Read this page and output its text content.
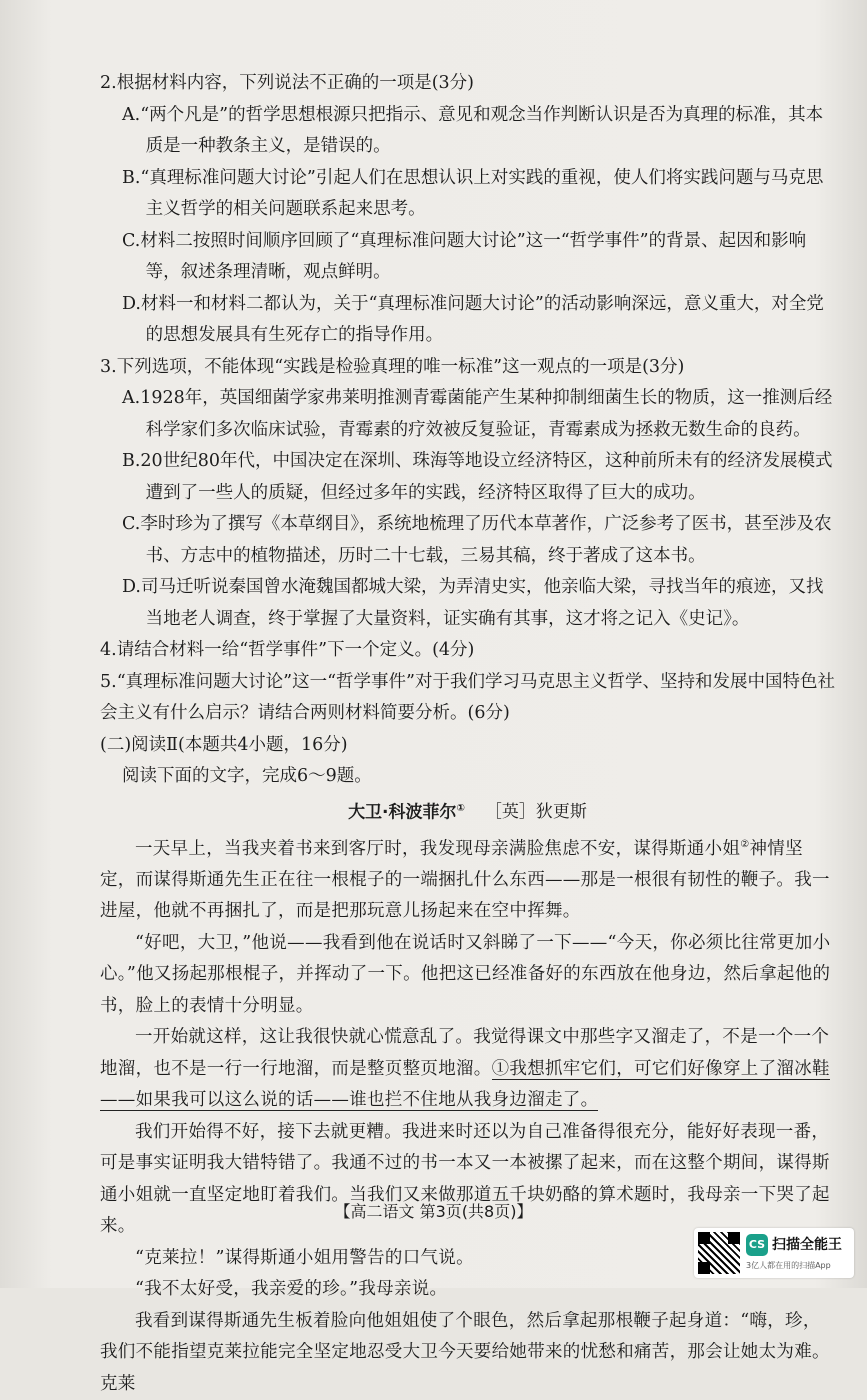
2.根据材料内容，下列说法不正确的一项是(3分)

A.“两个凡是”的哲学思想根源只把指示、意见和观念当作判断认识是否为真理的标准，其本质是一种教条主义，是错误的。

B.“真理标准问题大讨论”引起人们在思想认识上对实践的重视，使人们将实践问题与马克思主义哲学的相关问题联系起来思考。

C.材料二按照时间顺序回顾了“真理标准问题大讨论”这一“哲学事件”的背景、起因和影响等，叙述条理清晰，观点鲜明。

D.材料一和材料二都认为，关于“真理标准问题大讨论”的活动影响深远，意义重大，对全党的思想发展具有生死存亡的指导作用。

3.下列选项，不能体现“实践是检验真理的唯一标准”这一观点的一项是(3分)

A.1928年，英国细菌学家弗莱明推测青霉菌能产生某种抑制细菌生长的物质，这一推测后经科学家们多次临床试验，青霉素的疗效被反复验证，青霉素成为拯救无数生命的良药。

B.20世纪80年代，中国决定在深圳、珠海等地设立经济特区，这种前所未有的经济发展模式遭到了一些人的质疑，但经过多年的实践，经济特区取得了巨大的成功。

C.李时珍为了撰写《本草纲目》，系统地梳理了历代本草著作，广泛参考了医书，甚至涉及农书、方志中的植物描述，历时二十七载，三易其稿，终于著成了这本书。

D.司马迁听说秦国曾水淹魏国都城大梁，为弄清史实，他亲临大梁，寻找当年的痕迹，又找当地老人调查，终于掌握了大量资料，证实确有其事，这才将之记入《史记》。

4.请结合材料一给“哲学事件”下一个定义。(4分)

5.“真理标准问题大讨论”这一“哲学事件”对于我们学习马克思主义哲学、坚持和发展中国特色社会主义有什么启示？请结合两则材料简要分析。(6分)

(二)阅读Ⅱ(本题共4小题，16分)

阅读下面的文字，完成6～9题。

大卫·科波菲尔① ［英］狄更斯

一天早上，当我夹着书来到客厅时，我发现母亲满脸焦虑不安，谋得斯通小姐②神情坚定，而谋得斯通先生正在往一根棍子的一端捆扎什么东西——那是一根很有韧性的鞭子。我一进屋，他就不再捆扎了，而是把那玩意儿扬起来在空中挥舞。

“好吧，大卫，”他说——我看到他在说话时又斜睇了一下——“今天，你必须比往常更加小心。”他又扬起那根棍子，并挥动了一下。他把这已经准备好的东西放在他身边，然后拿起他的书，脸上的表情十分明显。

一开始就这样，这让我很快就心慌意乱了。我觉得课文中那些字又溜走了，不是一个一个地溜，也不是一行一行地溜，而是整页整页地溜。①我想抓牢它们，可它们好像穿上了溜冰鞋——如果我可以这么说的话——谁也拦不住地从我身边溜走了。

我们开始得不好，接下去就更糟。我进来时还以为自己准备得很充分，能好好表现一番，可是事实证明我大错特错了。我通不过的书一本又一本被摞了起来，而在这整个期间，谋得斯通小姐就一直坚定地盯着我们。当我们又来做那道五千块奶酪的算术题时，我母亲一下哭了起来。

“克莱拉！”谋得斯通小姐用警告的口气说。

“我不太好受，我亲爱的珍。”我母亲说。

我看到谋得斯通先生板着脸向他姐姐使了个眼色，然后拿起那根鞭子起身道：“嗨，珍，我们不能指望克莱拉能完全坚定地忍受大卫今天要给她带来的忧愁和痛苦，那会让她太为难。克莱

【高二语文 第3页(共8页)】
CS 扫描全能王
3亿人都在用的扫描App
